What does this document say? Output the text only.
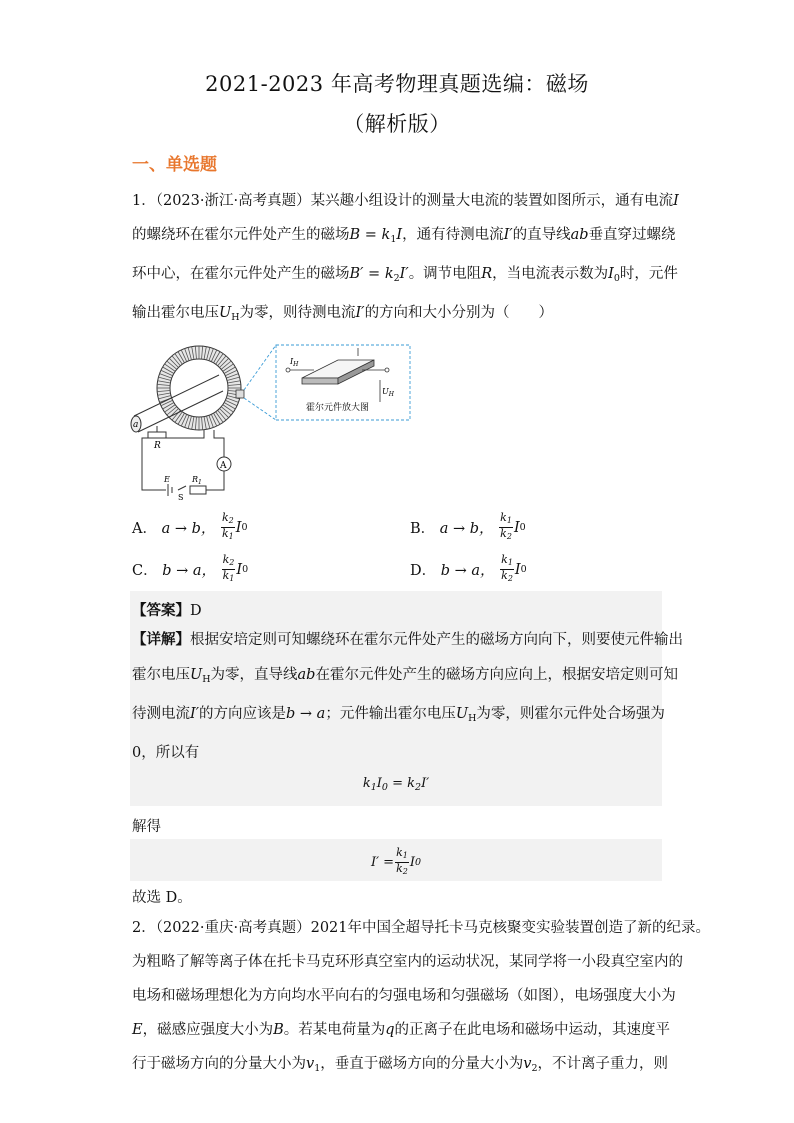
2021-2023 年高考物理真题选编：磁场
（解析版）
一、单选题
1．（2023·浙江·高考真题）某兴趣小组设计的测量大电流的装置如图所示，通有电流I
的螺绕环在霍尔元件处产生的磁场$B = k_1I$，通有待测电流I′的直导线ab垂直穿过螺绕
环中心，在霍尔元件处产生的磁场$B' = k_2I'$。调节电阻R，当电流表示数为$I_0$时，元件
输出霍尔电压$U_H$为零，则待测电流I′的方向和大小分别为（　　）
a
$I_H$
$U_H$
霍尔元件放大图
A
R
$R_1$
E
S
A．
a → b，
$\frac{k_2}{k_1}$ I 0	B．
a → b，
$\frac{k_1}{k_2}$ I 0
C．
b → a，
$\frac{k_2}{k_1}$ I 0	D．
b → a，
$\frac{k_1}{k_2}$ I 0
【答案】D
【详解】根据安培定则可知螺绕环在霍尔元件处产生的磁场方向向下，则要使元件输出
霍尔电压$U_H$为零，直导线ab在霍尔元件处产生的磁场方向应向上，根据安培定则可知
待测电流I′的方向应该是b → a；元件输出霍尔电压$U_H$为零，则霍尔元件处合场强为
0，所以有
$k_1I_0 = k_2I'$
解得
$I' = \frac{k_1}{k_2}$ I 0
故选 D。
2．（2022·重庆·高考真题）2021年中国全超导托卡马克核聚变实验装置创造了新的纪录。
为粗略了解等离子体在托卡马克环形真空室内的运动状况，某同学将一小段真空室内的
电场和磁场理想化为方向均水平向右的匀强电场和匀强磁场（如图），电场强度大小为
E，磁感应强度大小为B。若某电荷量为q的正离子在此电场和磁场中运动，其速度平
行于磁场方向的分量大小为$v_1$，垂直于磁场方向的分量大小为$v_2$，不计离子重力，则
